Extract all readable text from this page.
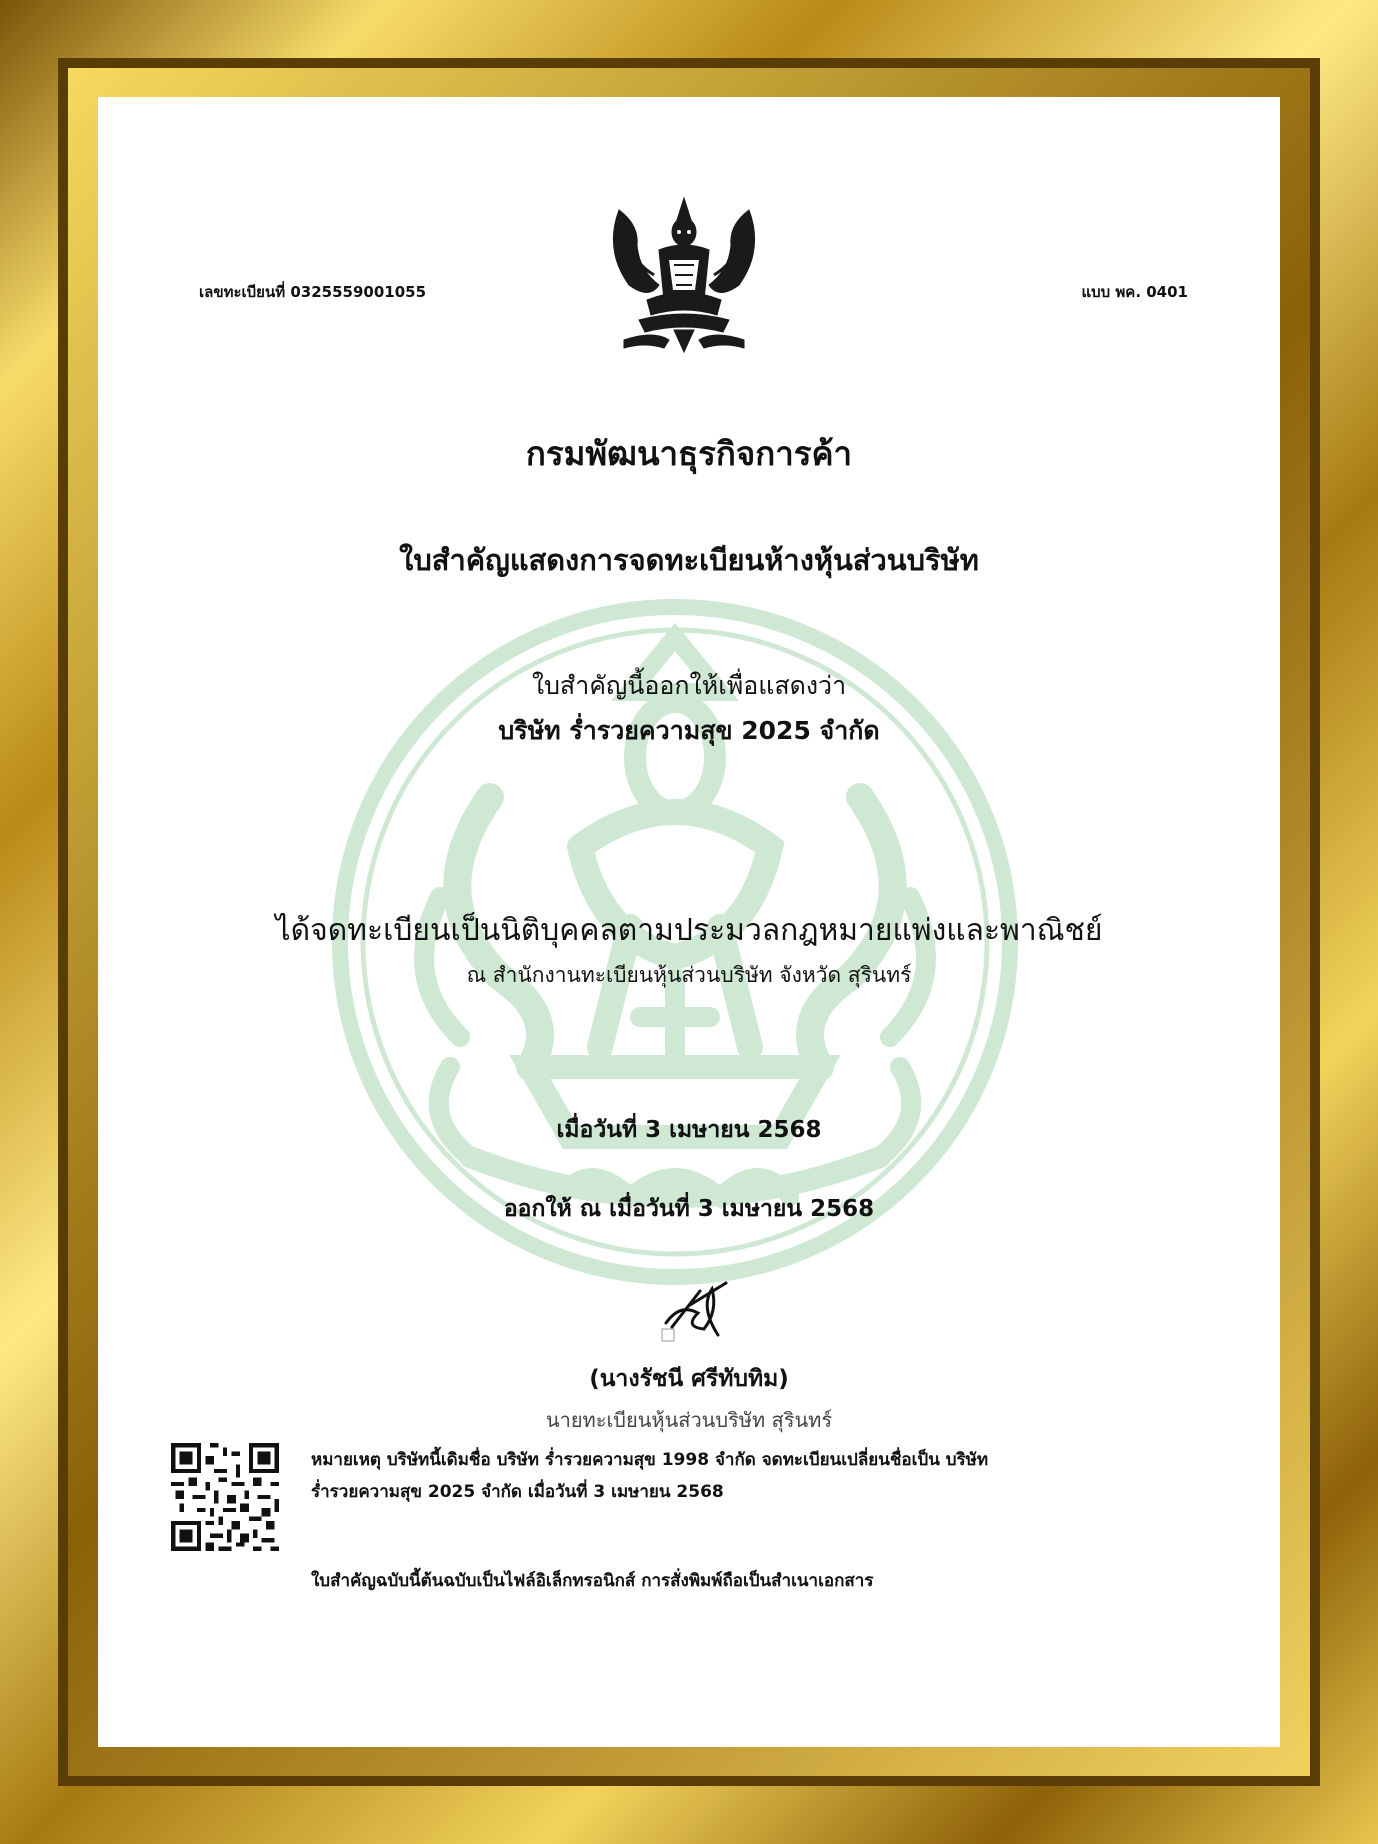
เลขทะเบียนที่ 0325559001055	แบบ พค. 0401
กรมพัฒนาธุรกิจการค้า
ใบสำคัญแสดงการจดทะเบียนห้างหุ้นส่วนบริษัท
ใบสำคัญนี้ออกให้เพื่อแสดงว่า
บริษัท ร่ำรวยความสุข 2025 จำกัด
ได้จดทะเบียนเป็นนิติบุคคลตามประมวลกฎหมายแพ่งและพาณิชย์
ณ สำนักงานทะเบียนหุ้นส่วนบริษัท จังหวัด สุรินทร์
เมื่อวันที่ 3 เมษายน 2568
ออกให้ ณ เมื่อวันที่ 3 เมษายน 2568
(นางรัชนี ศรีทับทิม)
นายทะเบียนหุ้นส่วนบริษัท สุรินทร์
หมายเหตุ บริษัทนี้เดิมชื่อ บริษัท ร่ำรวยความสุข 1998 จำกัด จดทะเบียนเปลี่ยนชื่อเป็น บริษัท
ร่ำรวยความสุข 2025 จำกัด เมื่อวันที่ 3 เมษายน 2568
ใบสำคัญฉบับนี้ต้นฉบับเป็นไฟล์อิเล็กทรอนิกส์ การสั่งพิมพ์ถือเป็นสำเนาเอกสาร
